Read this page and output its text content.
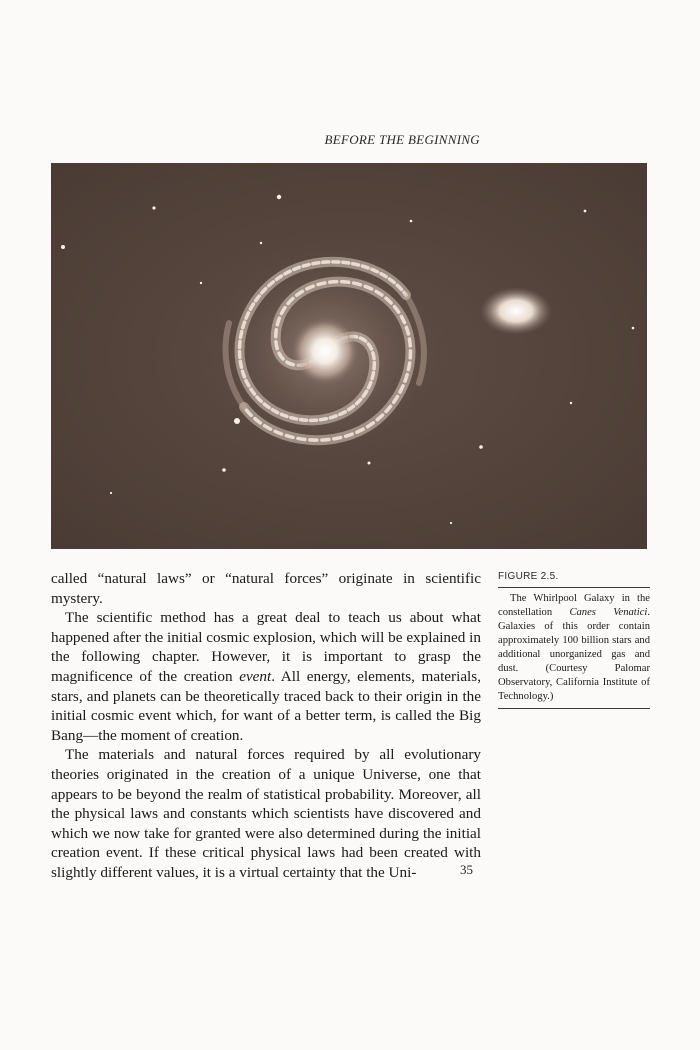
BEFORE THE BEGINNING

called “natural laws” or “natural forces” originate in scientific mystery.

The scientific method has a great deal to teach us about what happened after the initial cosmic explosion, which will be explained in the following chapter. However, it is important to grasp the magnificence of the creation event. All energy, elements, materials, stars, and planets can be theoretically traced back to their origin in the initial cosmic event which, for want of a better term, is called the Big Bang—the moment of creation.

The materials and natural forces required by all evolutionary theories originated in the creation of a unique Universe, one that appears to be beyond the realm of statistical probability. Moreover, all the physical laws and constants which scientists have discovered and which we now take for granted were also determined during the initial creation event. If these critical physical laws had been created with slightly different values, it is a virtual certainty that the Uni-

FIGURE 2.5.
The Whirlpool Galaxy in the constellation Canes Venatici. Galaxies of this order contain approximately 100 billion stars and additional unorganized gas and dust. (Courtesy Palomar Observatory, California Institute of Technology.)
35
